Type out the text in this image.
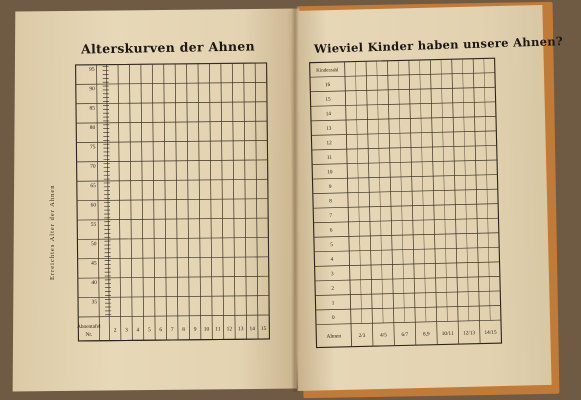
Alterskurven der Ahnen	Wieviel Kinder haben unsere Ahnen?
Erreichtes Alter der Ahnen
95
90
85
80
75
70
65
60
55
50
45
40
35
Ahnentafel
Nr.
2 3 4 5 6 7 8 9 10 11 12 13 14 15
Kinderzahl
16
15
14
13
12
11
10
9
8
7
6
5
4
3
2
1
0
Ahnen	2/3	4/5	6/7	8,9 10/11 12/13 14/15
